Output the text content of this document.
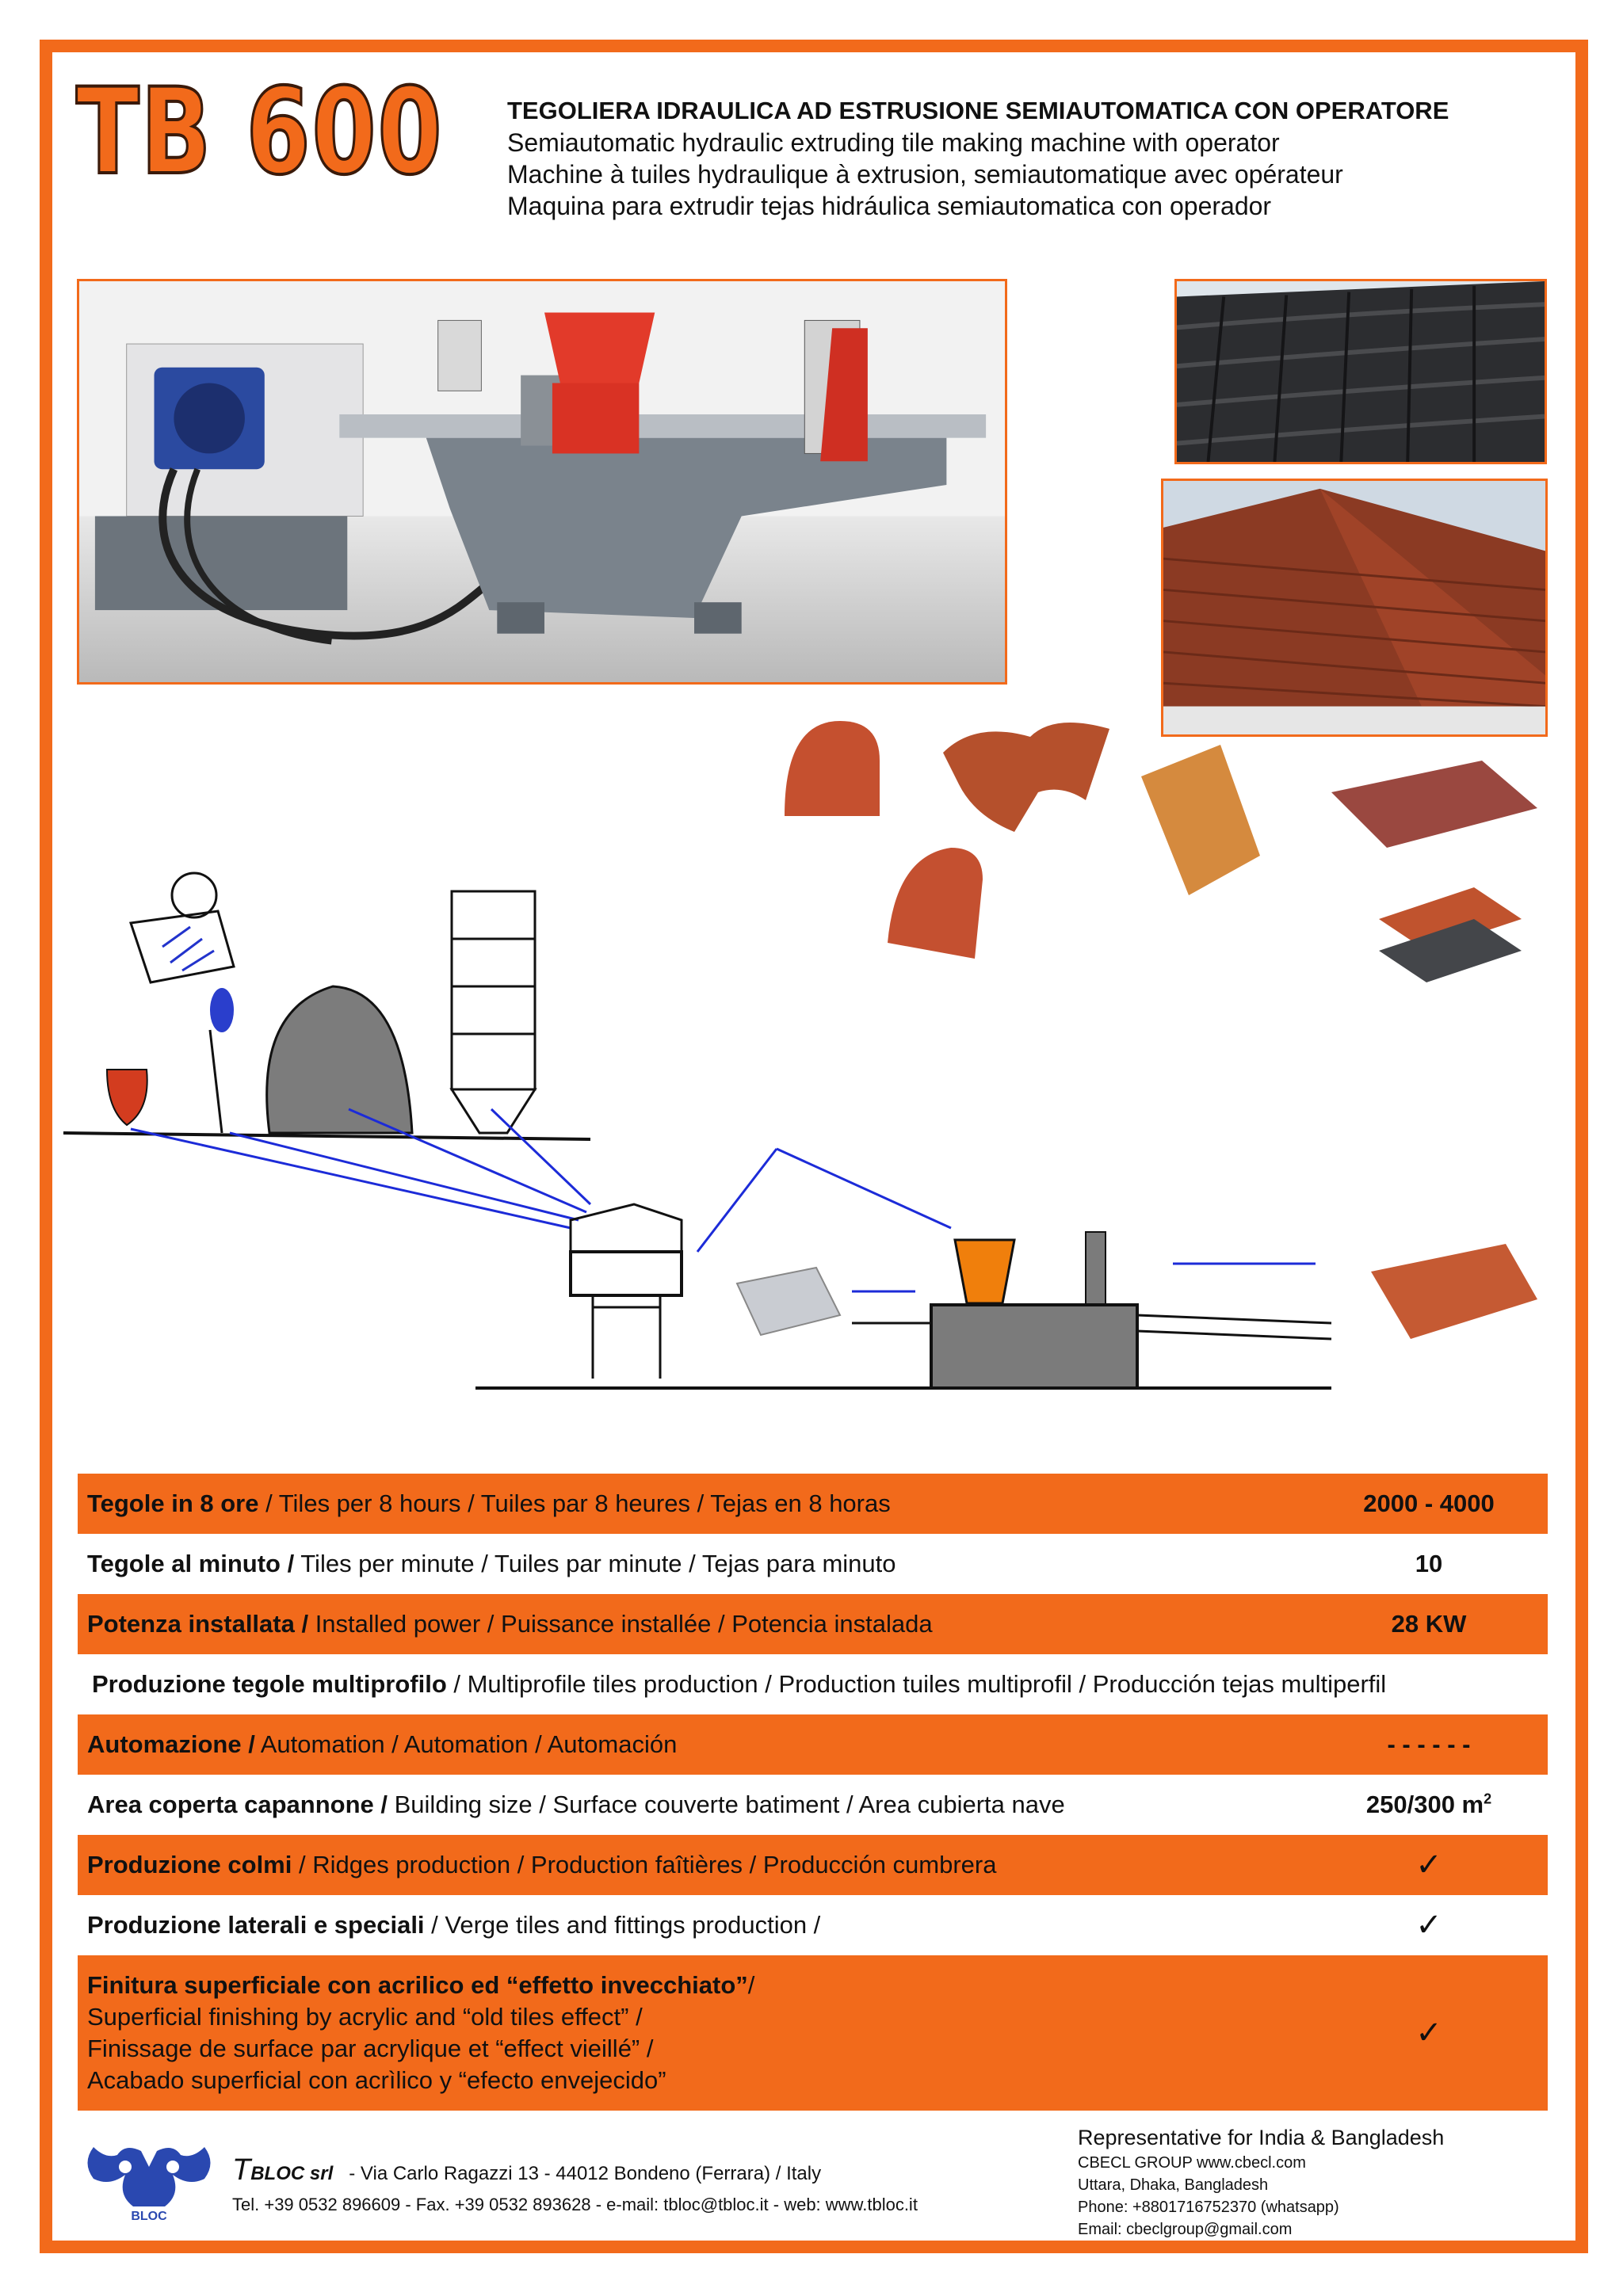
TB 600	TEGOLIERA IDRAULICA AD ESTRUSIONE SEMIAUTOMATICA CON OPERATORE
Semiautomatic hydraulic extruding tile making machine with operator
Machine à tuiles hydraulique à extrusion, semiautomatique avec opérateur
Maquina para extrudir tejas hidráulica semiautomatica con operador
Tegole in 8 ore / Tiles per 8 hours / Tuiles par 8 heures / Tejas en 8 horas	2000 - 4000
Tegole al minuto / Tiles per minute / Tuiles par minute / Tejas para minuto	10
Potenza installata / Installed power / Puissance installée / Potencia instalada	28 KW
Produzione tegole multiprofilo / Multiprofile tiles production / Production tuiles multiprofil / Producción tejas multiperfil
Automazione / Automation / Automation / Automación	- - - - - -
Area coperta capannone / Building size / Surface couverte batiment / Area cubierta nave	250/300 $m^2$
Produzione colmi / Ridges production / Production faîtières / Producción cumbrera	✓
Produzione laterali e speciali / Verge tiles and fittings production /	✓
Finitura superficiale con acrilico ed “effetto invecchiato”/
Superficial finishing by acrylic and “old tiles effect” /
Finissage de surface par acrylique et “effect vieillé” /
Acabado superficial con acrìlico y “efecto envejecido”
✓
BLOC
TBLOC srl - Via Carlo Ragazzi 13 - 44012 Bondeno (Ferrara) / Italy
Tel. +39 0532 896609 - Fax. +39 0532 893628 - e-mail: tbloc@tbloc.it - web: www.tbloc.it
Representative for India & Bangladesh
CBECL GROUP www.cbecl.com
Uttara, Dhaka, Bangladesh
Phone: +8801716752370 (whatsapp)
Email: cbeclgroup@gmail.com
